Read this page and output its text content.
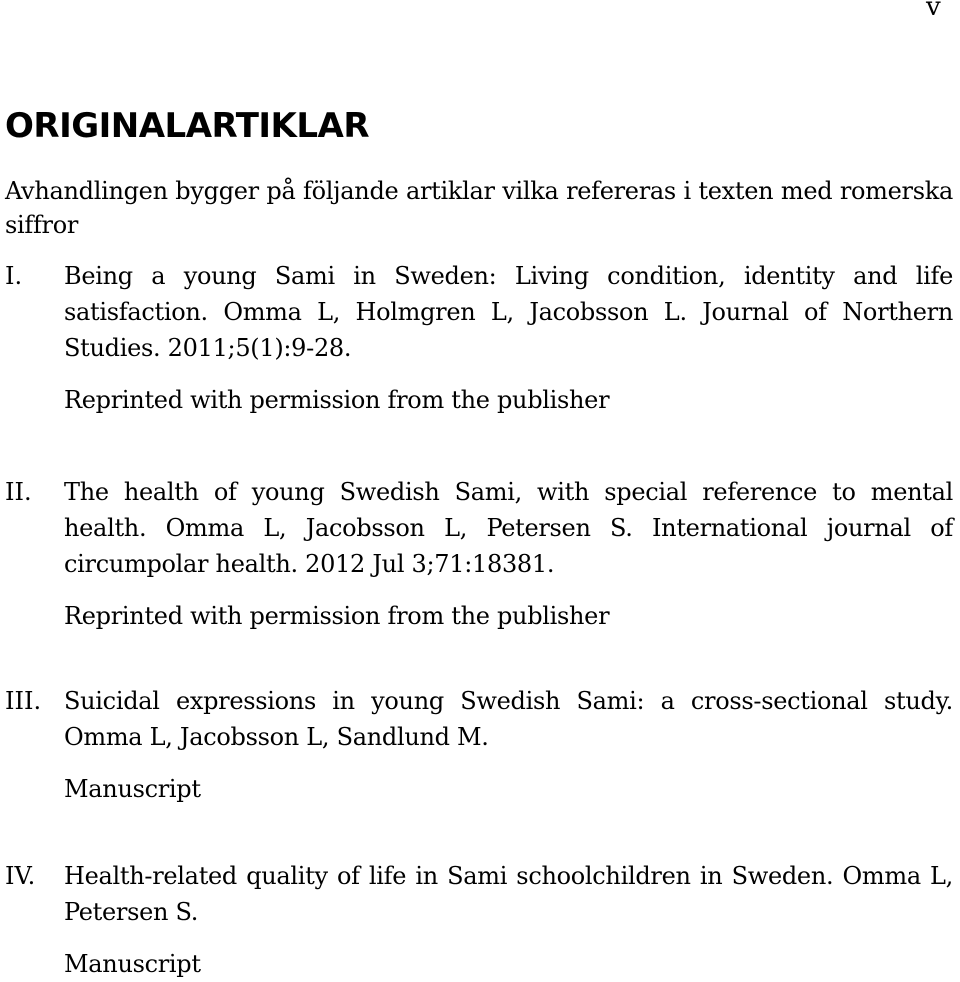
v
ORIGINALARTIKLAR

Avhandlingen bygger på följande artiklar vilka refereras i texten med romerska siffror

I. Being a young Sami in Sweden: Living condition, identity and life satisfaction. Omma L, Holmgren L, Jacobsson L. Journal of Northern Studies. 2011;5(1):9-28.
Reprinted with permission from the publisher
II. The health of young Swedish Sami, with special reference to mental health. Omma L, Jacobsson L, Petersen S. International journal of circumpolar health. 2012 Jul 3;71:18381.
Reprinted with permission from the publisher
III. Suicidal expressions in young Swedish Sami: a cross-sectional study. Omma L, Jacobsson L, Sandlund M.
Manuscript
IV. Health-related quality of life in Sami schoolchildren in Sweden. Omma L, Petersen S.
Manuscript
